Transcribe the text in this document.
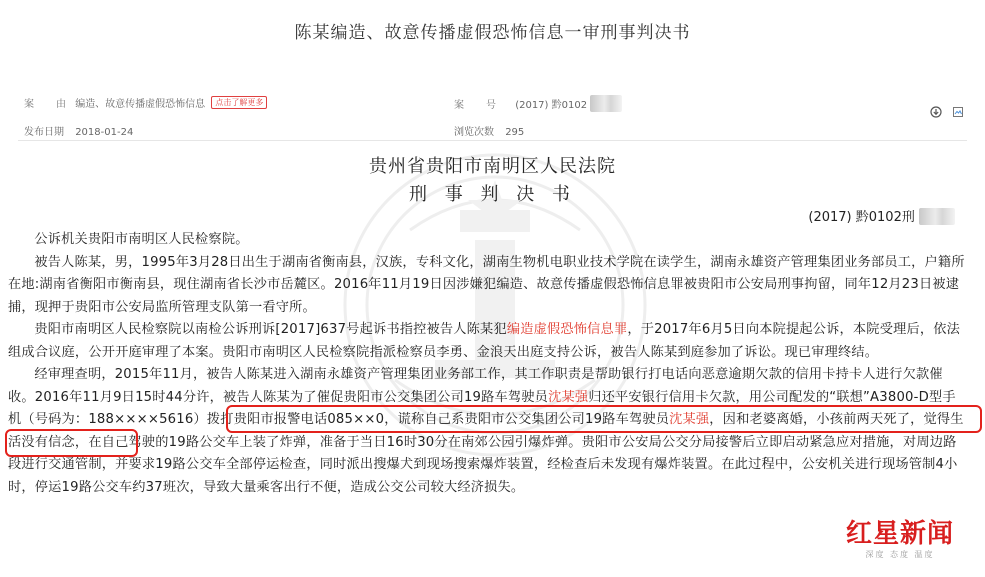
陈某编造、故意传播虚假恐怖信息一审刑事判决书
案　由 编造、故意传播虚假恐怖信息 点击了解更多	案　号 (2017) 黔0102
发布日期 2018-01-24	浏览次数 295

贵州省贵阳市南明区人民法院
刑 事 判 决 书
(2017) 黔0102刑

公诉机关贵阳市南明区人民检察院。

被告人陈某，男，1995年3月28日出生于湖南省衡南县，汉族，专科文化，湖南生物机电职业技术学院在读学生，湖南永雄资产管理集团业务部员工，户籍所在地:湖南省衡阳市衡南县，现住湖南省长沙市岳麓区。2016年11月19日因涉嫌犯编造、故意传播虚假恐怖信息罪被贵阳市公安局刑事拘留，同年12月23日被逮捕，现押于贵阳市公安局监所管理支队第一看守所。

贵阳市南明区人民检察院以南检公诉刑诉[2017]637号起诉书指控被告人陈某犯编造虚假恐怖信息罪，于2017年6月5日向本院提起公诉，本院受理后，依法组成合议庭，公开开庭审理了本案。贵阳市南明区人民检察院指派检察员李勇、金浪天出庭支持公诉，被告人陈某到庭参加了诉讼。现已审理终结。

经审理查明，2015年11月，被告人陈某进入湖南永雄资产管理集团业务部工作，其工作职责是帮助银行打电话向恶意逾期欠款的信用卡持卡人进行欠款催收。2016年11月9日15时44分许，被告人陈某为了催促贵阳市公交集团公司19路车驾驶员沈某强归还平安银行信用卡欠款，用公司配发的“联想”A3800-D型手机（号码为：188××××5616）拨打贵阳市报警电话085××0，谎称自己系贵阳市公交集团公司19路车驾驶员沈某强，因和老婆离婚，小孩前两天死了，觉得生活没有信念，在自己驾驶的19路公交车上装了炸弹，准备于当日16时30分在南郊公园引爆炸弹。贵阳市公安局公交分局接警后立即启动紧急应对措施，对周边路段进行交通管制，并要求19路公交车全部停运检查，同时派出搜爆犬到现场搜索爆炸装置，经检查后未发现有爆炸装置。在此过程中，公安机关进行现场管制4小时，停运19路公交车约37班次，导致大量乘客出行不便，造成公交公司较大经济损失。

红星新闻
深度 态度 温度
